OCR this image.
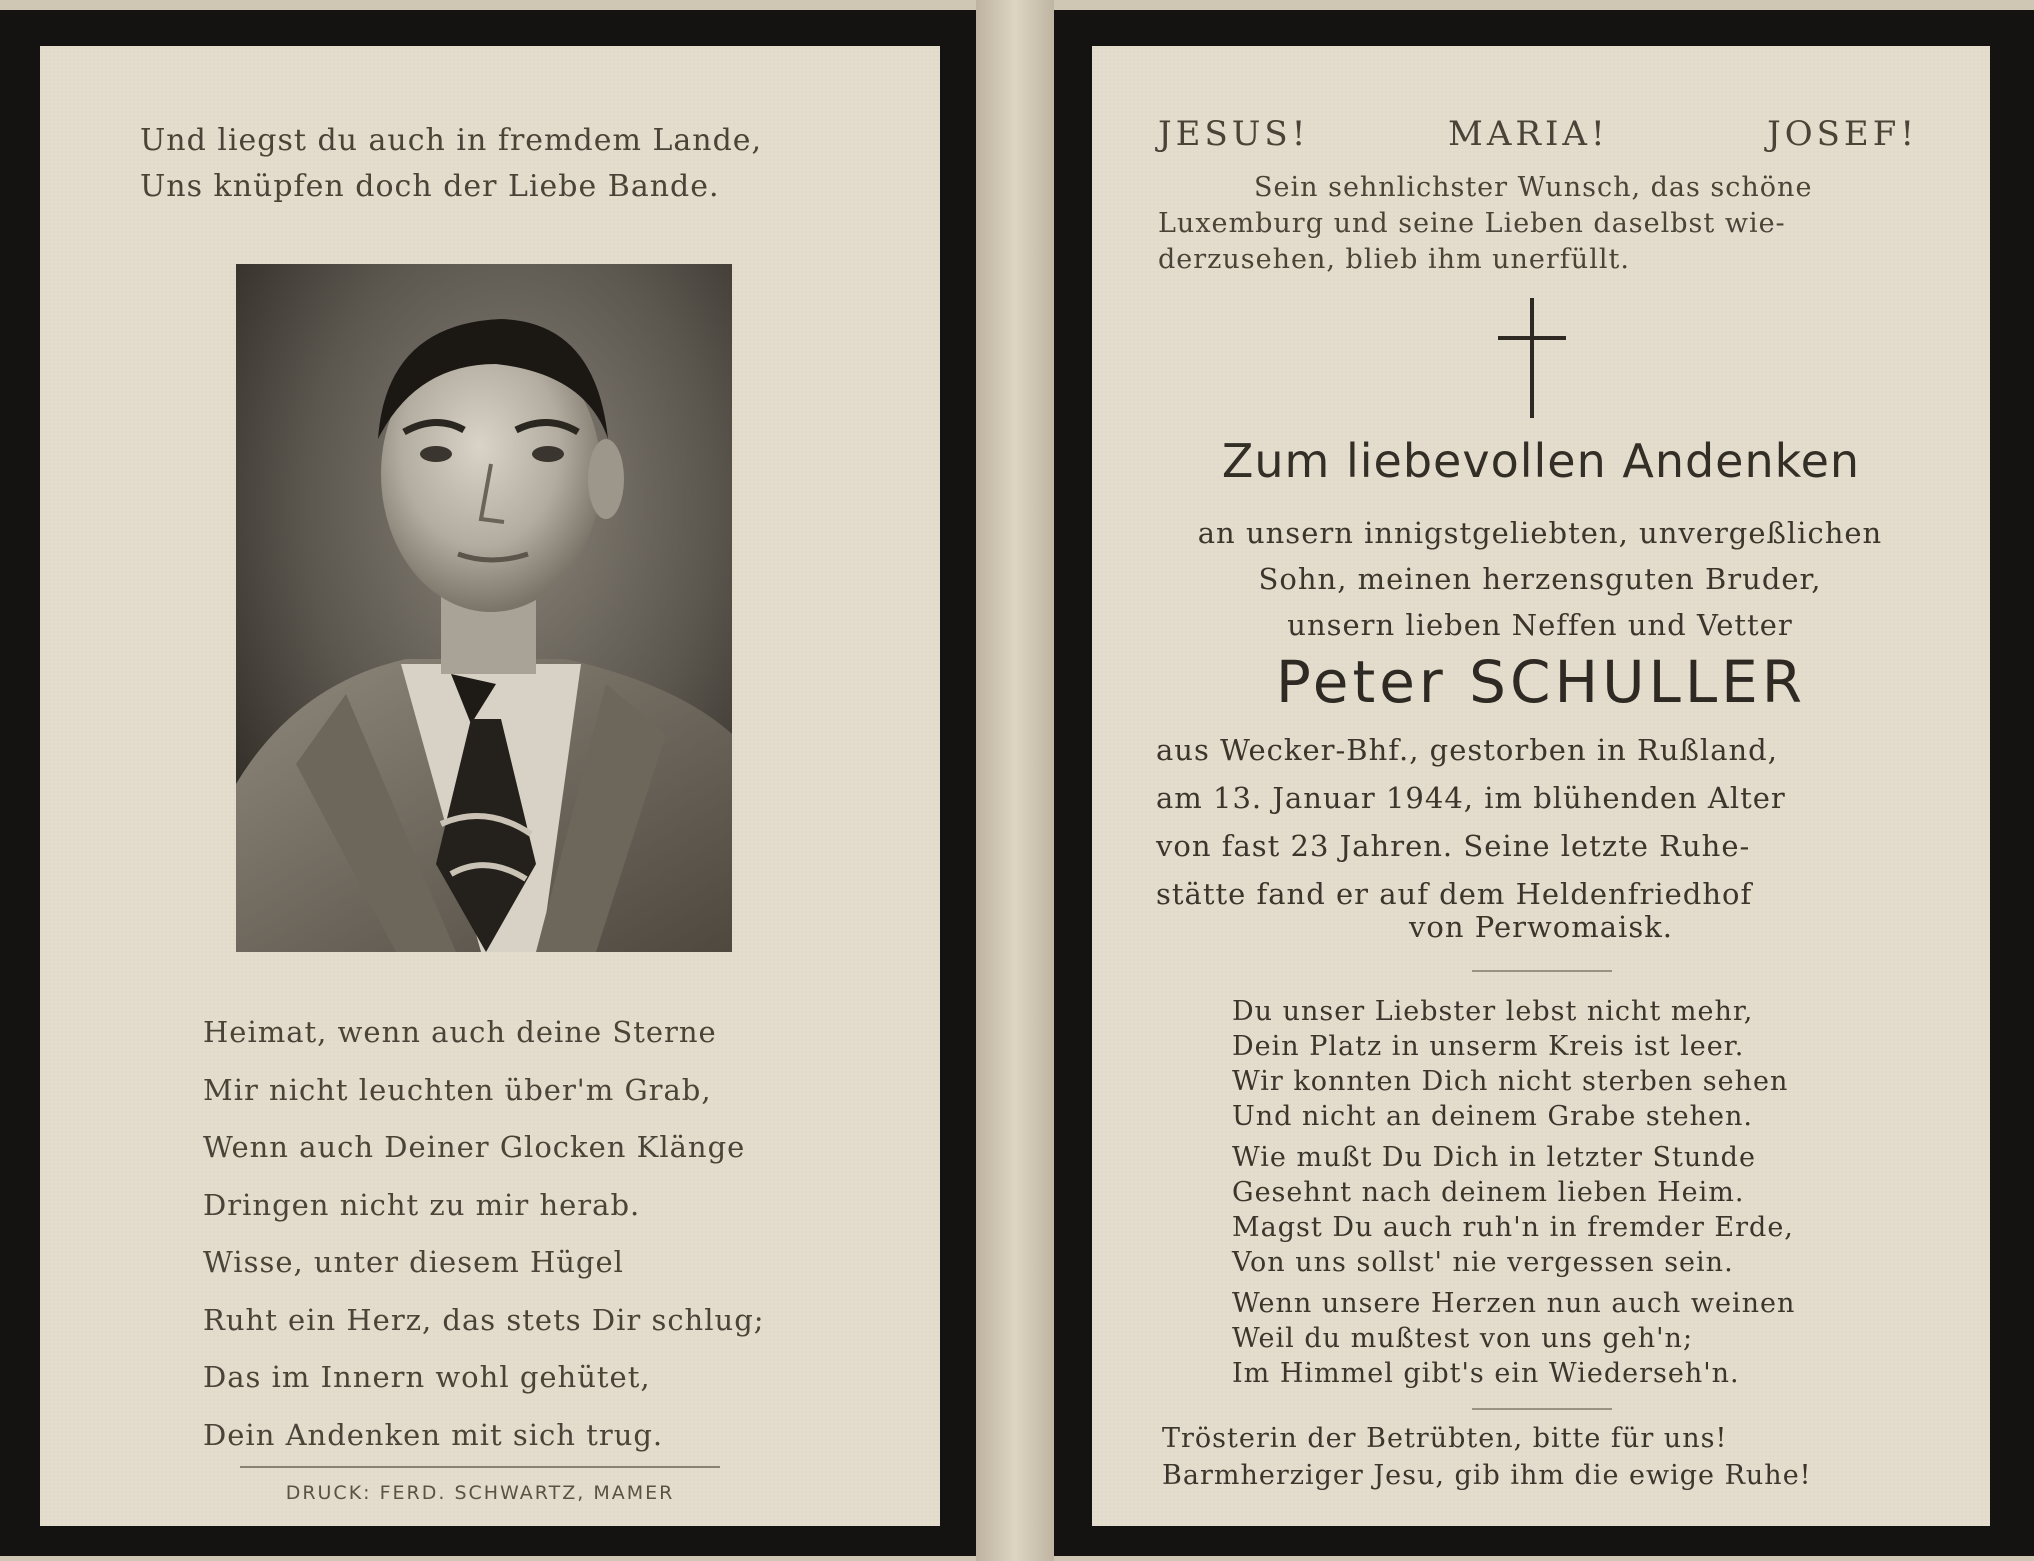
Und liegst du auch in fremdem Lande,
Uns knüpfen doch der Liebe Bande.
Heimat, wenn auch deine Sterne
Mir nicht leuchten über'm Grab,
Wenn auch Deiner Glocken Klänge
Dringen nicht zu mir herab.
Wisse, unter diesem Hügel
Ruht ein Herz, das stets Dir schlug;
Das im Innern wohl gehütet,
Dein Andenken mit sich trug.
DRUCK: FERD. SCHWARTZ, MAMER
JESUS!	MARIA!	JOSEF!
Sein sehnlichster Wunsch, das schöne
Luxemburg und seine Lieben daselbst wie-
derzusehen, blieb ihm unerfüllt.
Zum liebevollen Andenken
an unsern innigstgeliebten, unvergeßlichen
Sohn, meinen herzensguten Bruder,
unsern lieben Neffen und Vetter
Peter SCHULLER
aus Wecker-Bhf., gestorben in Rußland,
am 13. Januar 1944, im blühenden Alter
von fast 23 Jahren. Seine letzte Ruhe-
stätte fand er auf dem Heldenfriedhof
von Perwomaisk.
Du unser Liebster lebst nicht mehr,
Dein Platz in unserm Kreis ist leer.
Wir konnten Dich nicht sterben sehen
Und nicht an deinem Grabe stehen.
Wie mußt Du Dich in letzter Stunde
Gesehnt nach deinem lieben Heim.
Magst Du auch ruh'n in fremder Erde,
Von uns sollst' nie vergessen sein.
Wenn unsere Herzen nun auch weinen
Weil du mußtest von uns geh'n;
Im Himmel gibt's ein Wiederseh'n.
Trösterin der Betrübten, bitte für uns!
Barmherziger Jesu, gib ihm die ewige Ruhe!
